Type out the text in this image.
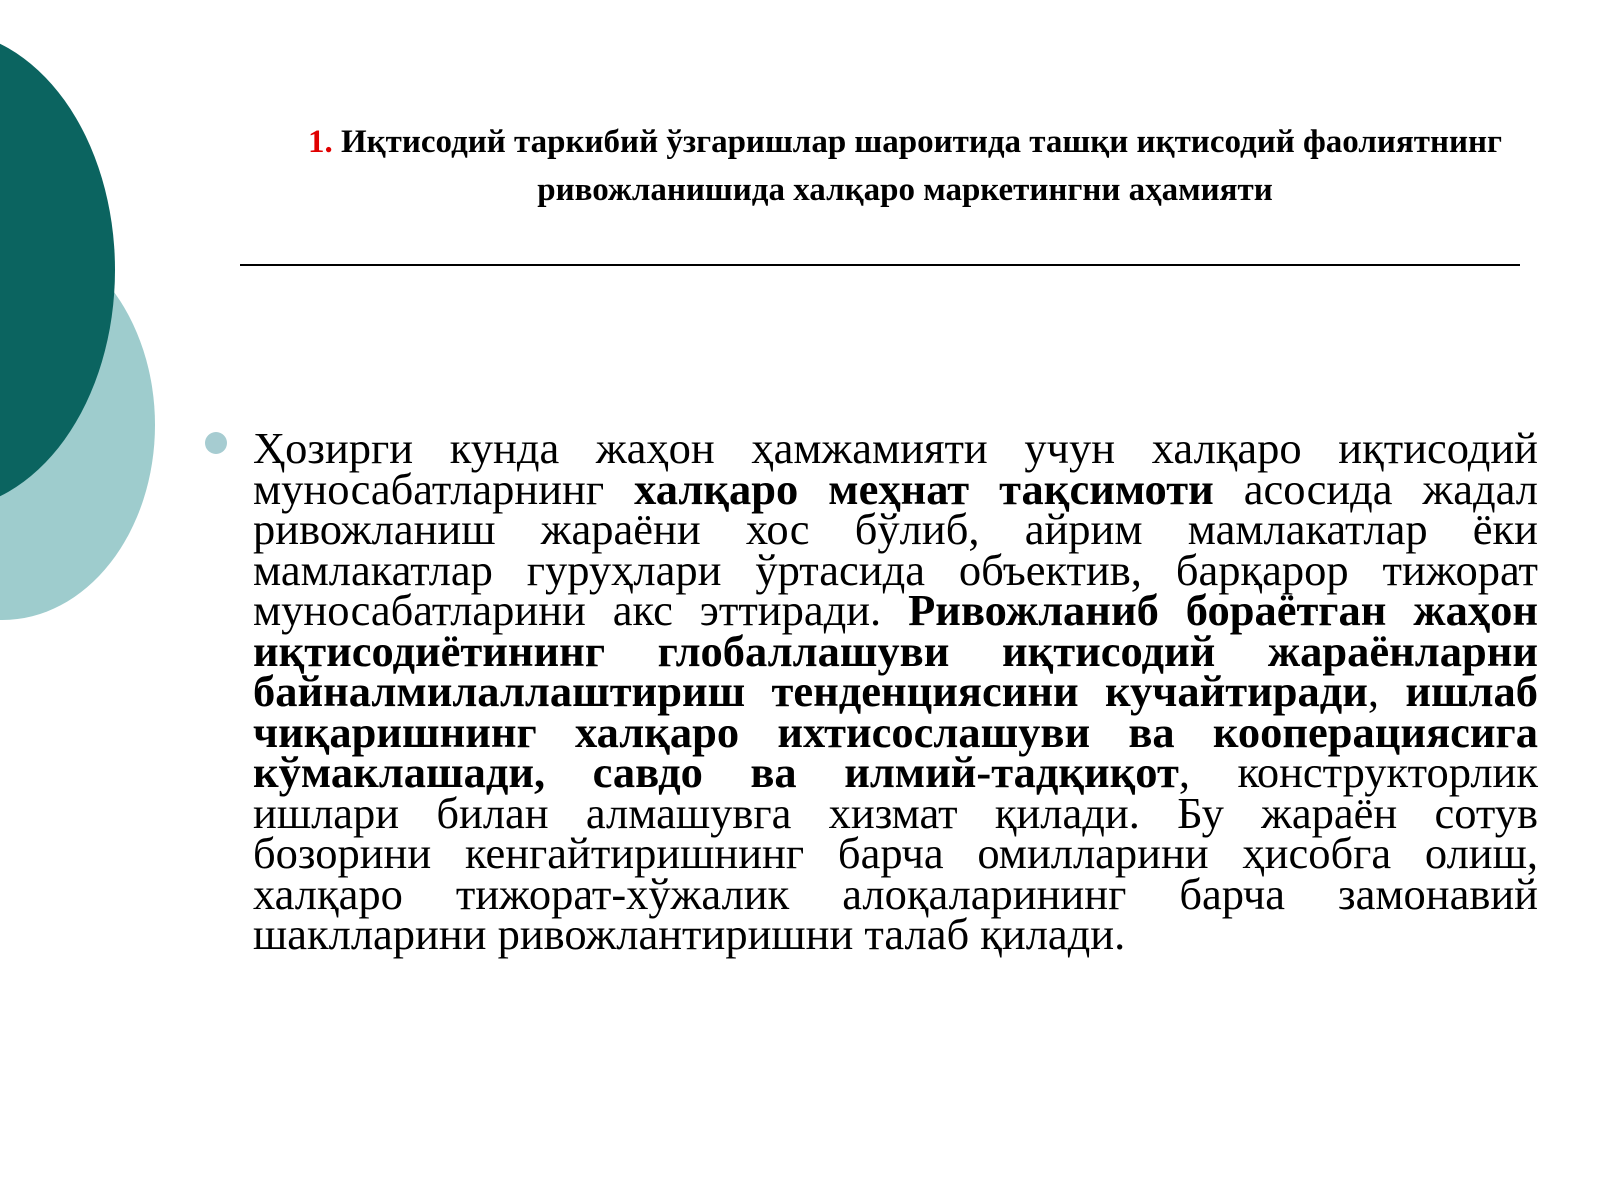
1. Иқтисодий таркибий ўзгаришлар шароитида ташқи иқтисодий фаолиятнинг ривожланишида халқаро маркетингни аҳамияти

Ҳозирги кунда жаҳон ҳамжамияти учун халқаро иқтисодий муносабатларнинг халқаро меҳнат тақсимоти асосида жадал ривожланиш жараёни хос бўлиб, айрим мамлакатлар ёки мамлакатлар гуруҳлари ўртасида объектив, барқарор тижорат муносабатларини акс эттиради. Ривожланиб бораётган жаҳон иқтисодиётининг глобаллашуви иқтисодий жараёнларни байналмилаллаштириш тенденциясини кучайтиради, ишлаб чиқаришнинг халқаро ихтисослашуви ва кооперациясига кўмаклашади, савдо ва илмий-тадқиқот, конструкторлик ишлари билан алмашувга хизмат қилади. Бу жараён сотув бозорини кенгайтиришнинг барча омилларини ҳисобга олиш, халқаро тижорат-хўжалик алоқаларининг барча замонавий шаклларини ривожлантиришни талаб қилади.
